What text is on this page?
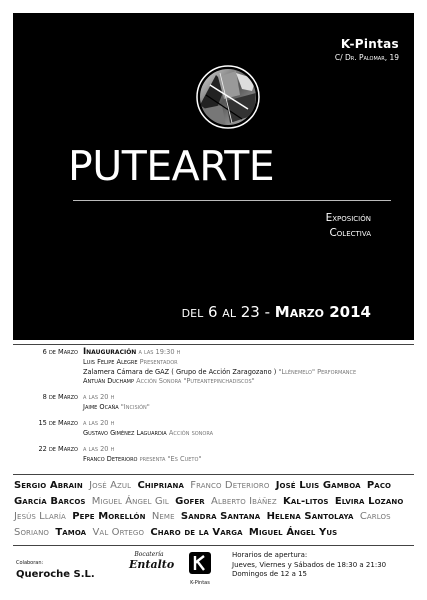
K-Pintas
C/ Dr. Palomar, 19
PUTEARTE
Exposición
Colectiva
del 6 al 23 - Marzo 2014
6 de Marzo Inauguración a las 19:30 h
Luis Felipe Alegre Presentador
Zalamera Cámara de GAZ ( Grupo de Acción Zaragozano ) "Llénemelo" Performance
Antuán Duchamp Acción Sonora "Puteantepinchadiscos"
8 de Marzo a las 20 h
Jaime Ocaña "Incisión"
15 de Marzo a las 20 h
Gustavo Giménez Laguardia Acción sonora
22 de Marzo a las 20 h
Franco Deterioro presenta "Es Cueto"
Sergio Abrain José Azul Chipriana Franco Deterioro José Luis Gamboa Paco García Barcos Miguel Ángel Gil Gofer Alberto Ibáñez Kal-litos Elvira Lozano Jesús Llaría Pepe Morellón Neme Sandra Santana Helena Santolaya Carlos Soriano Tamoa Val Ortego Charo de la Varga Miguel Ángel Yus
Colaboran:
Queroche S.L.
Bocatería
Entalto
K-Pintas
Horarios de apertura:
Jueves, Viernes y Sábados de 18:30 a 21:30
Domingos de 12 a 15
